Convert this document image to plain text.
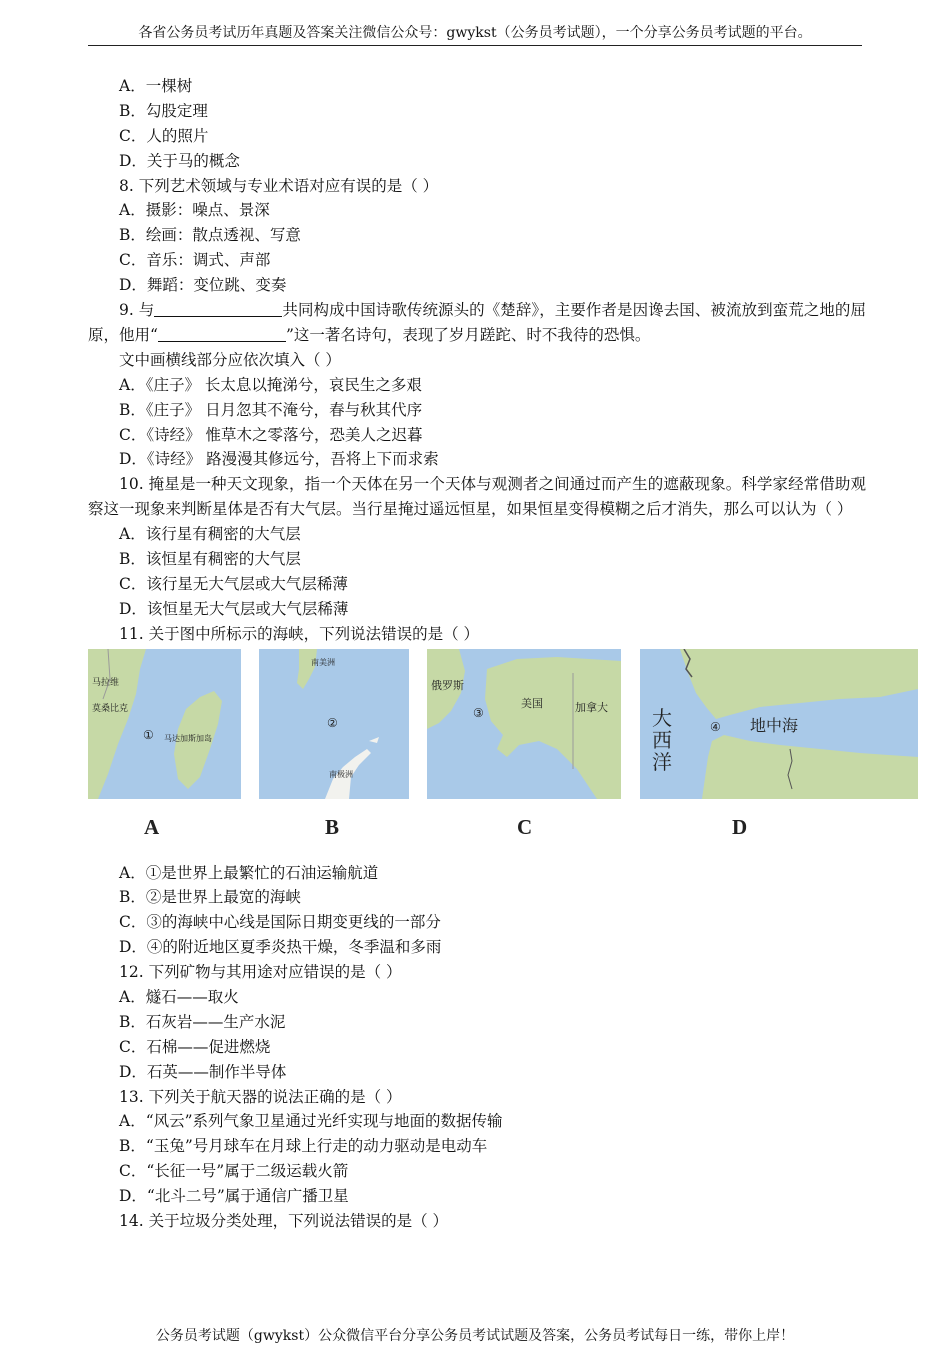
各省公务员考试历年真题及答案关注微信公众号：gwykst（公务员考试题），一个分享公务员考试题的平台。
A．一棵树
B．勾股定理
C．人的照片
D．关于马的概念
8. 下列艺术领域与专业术语对应有误的是（ ）
A．摄影：噪点、景深
B．绘画：散点透视、写意
C．音乐：调式、声部
D．舞蹈：变位跳、变奏
9. 与	共同构成中国诗歌传统源头的《楚辞》，主要作者是因谗去国、被流放到蛮荒之地的屈原，他用“	”这一著名诗句，表现了岁月蹉跎、时不我待的恐惧。
文中画横线部分应依次填入（ ）
A．《庄子》 长太息以掩涕兮，哀民生之多艰
B．《庄子》 日月忽其不淹兮，春与秋其代序
C．《诗经》 惟草木之零落兮，恐美人之迟暮
D．《诗经》 路漫漫其修远兮，吾将上下而求索
10. 掩星是一种天文现象，指一个天体在另一个天体与观测者之间通过而产生的遮蔽现象。科学家经常借助观察这一现象来判断星体是否有大气层。当行星掩过遥远恒星，如果恒星变得模糊之后才消失，那么可以认为（ ）
A．该行星有稠密的大气层
B．该恒星有稠密的大气层
C．该行星无大气层或大气层稀薄
D．该恒星无大气层或大气层稀薄
11. 关于图中所标示的海峡，下列说法错误的是（ ）
马拉维
莫桑比克
① 马达加斯加岛
南美洲
②
南极洲
俄罗斯
③
美国	加拿大 大
西
洋
④ 地中海
A	B	C	D
A．①是世界上最繁忙的石油运输航道
B．②是世界上最宽的海峡
C．③的海峡中心线是国际日期变更线的一部分
D．④的附近地区夏季炎热干燥，冬季温和多雨
12. 下列矿物与其用途对应错误的是（ ）
A．燧石——取火
B．石灰岩——生产水泥
C．石棉——促进燃烧
D．石英——制作半导体
13. 下列关于航天器的说法正确的是（ ）
A．“风云”系列气象卫星通过光纤实现与地面的数据传输
B．“玉兔”号月球车在月球上行走的动力驱动是电动车
C．“长征一号”属于二级运载火箭
D．“北斗二号”属于通信广播卫星
14. 关于垃圾分类处理，下列说法错误的是（ ）
公务员考试题（gwykst）公众微信平台分享公务员考试试题及答案，公务员考试每日一练，带你上岸！
